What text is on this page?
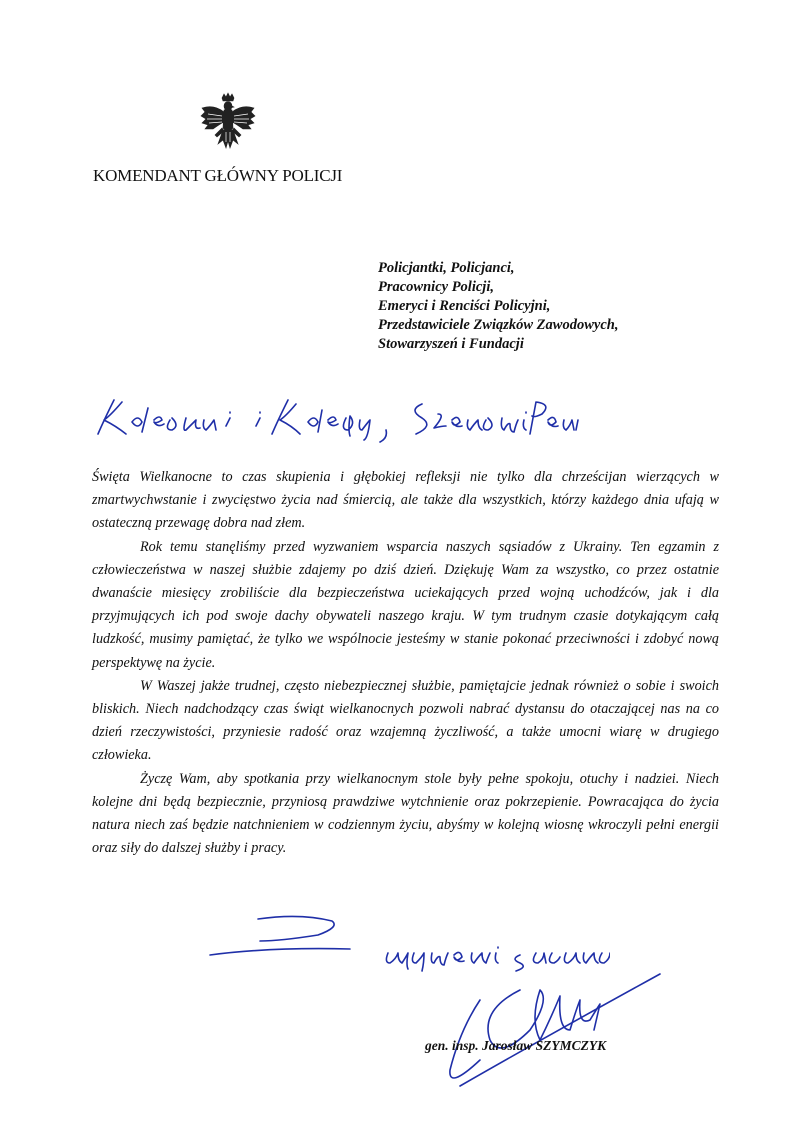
KOMENDANT GŁÓWNY POLICJI
Policjantki, Policjanci,
Pracownicy Policji,
Emeryci i Renciści Policyjni,
Przedstawiciele Związków Zawodowych,
Stowarzyszeń i Fundacji

Święta Wielkanocne to czas skupienia i głębokiej refleksji nie tylko dla chrześcijan wierzących w zmartwychwstanie i zwycięstwo życia nad śmiercią, ale także dla wszystkich, którzy każdego dnia ufają w ostateczną przewagę dobra nad złem.

Rok temu stanęliśmy przed wyzwaniem wsparcia naszych sąsiadów z Ukrainy. Ten egzamin z człowieczeństwa w naszej służbie zdajemy po dziś dzień. Dziękuję Wam za wszystko, co przez ostatnie dwanaście miesięcy zrobiliście dla bezpieczeństwa uciekających przed wojną uchodźców, jak i dla przyjmujących ich pod swoje dachy obywateli naszego kraju. W tym trudnym czasie dotykającym całą ludzkość, musimy pamiętać, że tylko we wspólnocie jesteśmy w stanie pokonać przeciwności i zdobyć nową perspektywę na życie.

W Waszej jakże trudnej, często niebezpiecznej służbie, pamiętajcie jednak również o sobie i swoich bliskich. Niech nadchodzący czas świąt wielkanocnych pozwoli nabrać dystansu do otaczającej nas na co dzień rzeczywistości, przyniesie radość oraz wzajemną życzliwość, a także umocni wiarę w drugiego człowieka.

Życzę Wam, aby spotkania przy wielkanocnym stole były pełne spokoju, otuchy i nadziei. Niech kolejne dni będą bezpiecznie, przyniosą prawdziwe wytchnienie oraz pokrzepienie. Powracająca do życia natura niech zaś będzie natchnieniem w codziennym życiu, abyśmy w kolejną wiosnę wkroczyli pełni energii oraz siły do dalszej służby i pracy.

gen. insp. Jarosław SZYMCZYK
